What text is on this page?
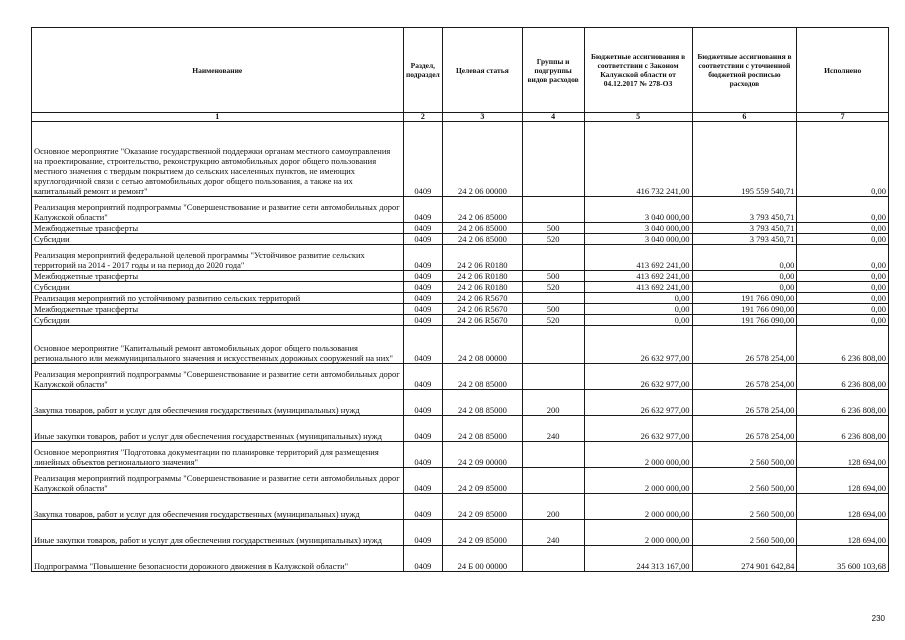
Наименование	Раздел, подраздел	Целевая статья	Группы и подгруппы видов расходов	Бюджетные ассигнования в соответствии с Законом Калужской области от 04.12.2017 № 278-ОЗ	Бюджетные ассигнования в соответствии с уточненной бюджетной росписью расходов	Исполнено
1	2	3	4	5	6	7
Основное мероприятие "Оказание государственной поддержки органам местного самоуправления на проектирование, строительство, реконструкцию автомобильных дорог общего пользования местного значения с твердым покрытием до сельских населенных пунктов, не имеющих круглогодичной связи с сетью автомобильных дорог общего пользования, а также на их капитальный ремонт и ремонт"	0409	24 2 06 00000		416 732 241,00	195 559 540,71	0,00
Реализация мероприятий подпрограммы "Совершенствование и развитие сети автомобильных дорог Калужской области"	0409	24 2 06 85000		3 040 000,00	3 793 450,71	0,00
Межбюджетные трансферты	0409	24 2 06 85000	500	3 040 000,00	3 793 450,71	0,00
Субсидии	0409	24 2 06 85000	520	3 040 000,00	3 793 450,71	0,00
Реализация мероприятий федеральной целевой программы "Устойчивое развитие сельских территорий на 2014 - 2017 годы и на период до 2020 года"	0409	24 2 06 R0180		413 692 241,00	0,00	0,00
Межбюджетные трансферты	0409	24 2 06 R0180	500	413 692 241,00	0,00	0,00
Субсидии	0409	24 2 06 R0180	520	413 692 241,00	0,00	0,00
Реализация мероприятий по устойчивому развитию сельских территорий	0409	24 2 06 R5670		0,00	191 766 090,00	0,00
Межбюджетные трансферты	0409	24 2 06 R5670	500	0,00	191 766 090,00	0,00
Субсидии	0409	24 2 06 R5670	520	0,00	191 766 090,00	0,00
Основное мероприятие "Капитальный ремонт автомобильных дорог общего пользования регионального или межмуниципального значения и искусственных дорожных сооружений на них"	0409	24 2 08 00000		26 632 977,00	26 578 254,00	6 236 808,00
Реализация мероприятий подпрограммы "Совершенствование и развитие сети автомобильных дорог Калужской области"	0409	24 2 08 85000		26 632 977,00	26 578 254,00	6 236 808,00
Закупка товаров, работ и услуг для обеспечения государственных (муниципальных) нужд	0409	24 2 08 85000	200	26 632 977,00	26 578 254,00	6 236 808,00
Иные закупки товаров, работ и услуг для обеспечения государственных (муниципальных) нужд	0409	24 2 08 85000	240	26 632 977,00	26 578 254,00	6 236 808,00
Основное мероприятия "Подготовка документации по планировке территорий для размещения линейных объектов регионального значения"	0409	24 2 09 00000		2 000 000,00	2 560 500,00	128 694,00
Реализация мероприятий подпрограммы "Совершенствование и развитие сети автомобильных дорог Калужской области"	0409	24 2 09 85000		2 000 000,00	2 560 500,00	128 694,00
Закупка товаров, работ и услуг для обеспечения государственных (муниципальных) нужд	0409	24 2 09 85000	200	2 000 000,00	2 560 500,00	128 694,00
Иные закупки товаров, работ и услуг для обеспечения государственных (муниципальных) нужд	0409	24 2 09 85000	240	2 000 000,00	2 560 500,00	128 694,00
Подпрограмма "Повышение безопасности дорожного движения в Калужской области"	0409	24 Б 00 00000		244 313 167,00	274 901 642,84	35 600 103,68
230
